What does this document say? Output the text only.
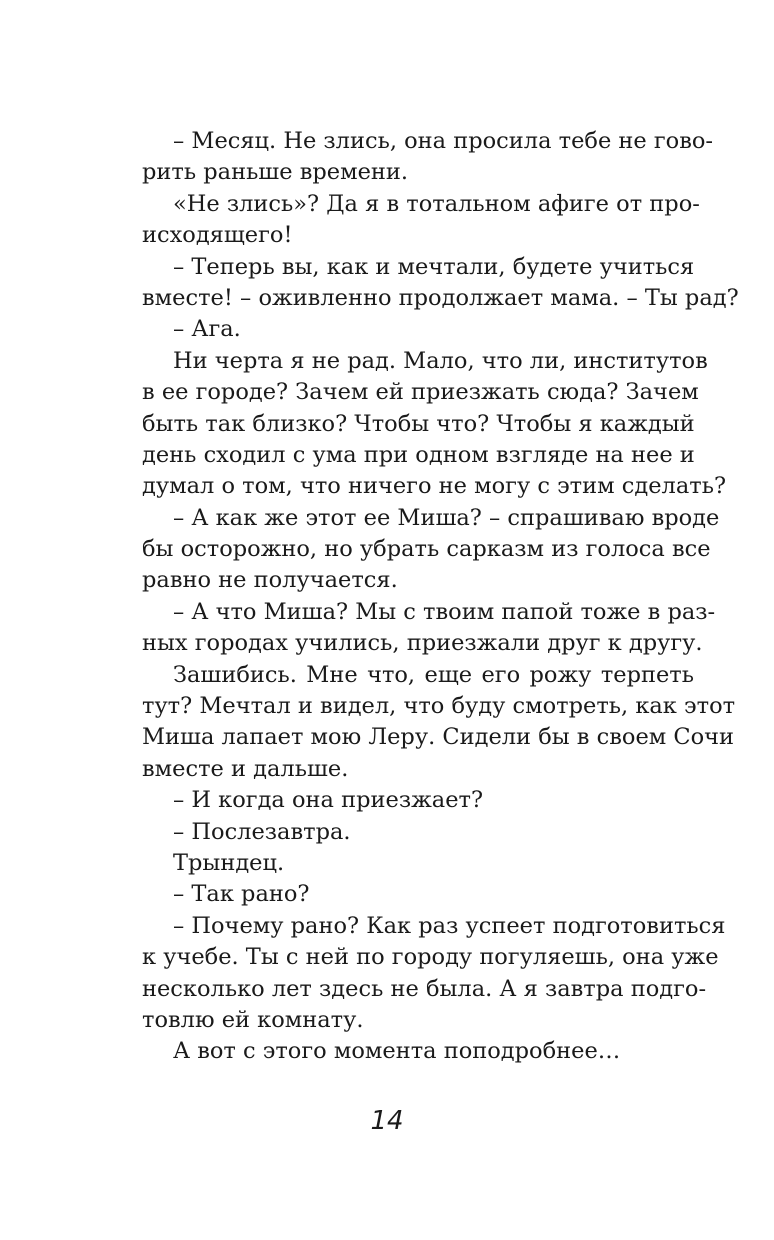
– Месяц. Не злись, она просила тебе не гово-
рить раньше времени.
«Не злись»? Да я в тотальном афиге от про-
исходящего!
– Теперь вы, как и мечтали, будете учиться
вместе! – оживленно продолжает мама. – Ты рад?
– Ага.
Ни черта я не рад. Мало, что ли, институтов
в ее городе? Зачем ей приезжать сюда? Зачем
быть так близко? Чтобы что? Чтобы я каждый
день сходил с ума при одном взгляде на нее и
думал о том, что ничего не могу с этим сделать?
– А как же этот ее Миша? – спрашиваю вроде
бы осторожно, но убрать сарказм из голоса все
равно не получается.
– А что Миша? Мы с твоим папой тоже в раз-
ных городах учились, приезжали друг к другу.
Зашибись. Мне что, еще его рожу терпеть
тут? Мечтал и видел, что буду смотреть, как этот
Миша лапает мою Леру. Сидели бы в своем Сочи
вместе и дальше.
– И когда она приезжает?
– Послезавтра.
Трындец.
– Так рано?
– Почему рано? Как раз успеет подготовиться
к учебе. Ты с ней по городу погуляешь, она уже
несколько лет здесь не была. А я завтра подго-
товлю ей комнату.
А вот с этого момента поподробнее…
14
